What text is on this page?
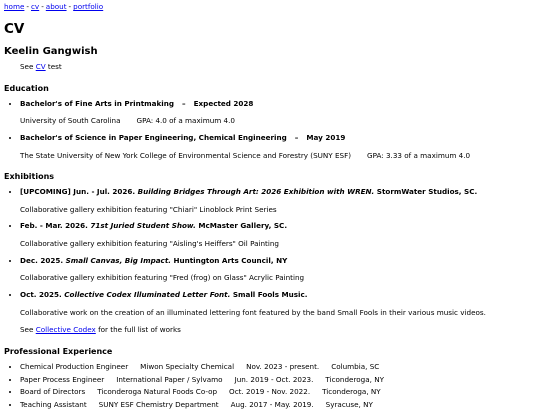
home - cv - about - portfolio
CV
Keelin Gangwish
See CV test
Education
• Bachelor's of Fine Arts in Printmaking – Expected 2028
University of South Carolina GPA: 4.0 of a maximum 4.0
• Bachelor's of Science in Paper Engineering, Chemical Engineering – May 2019
The State University of New York College of Environmental Science and Forestry (SUNY ESF) GPA: 3.33 of a maximum 4.0
Exhibitions
• [UPCOMING] Jun. - Jul. 2026. Building Bridges Through Art: 2026 Exhibition with WREN. StormWater Studios, SC.
Collaborative gallery exhibition featuring "Chiari" Linoblock Print Series
• Feb. - Mar. 2026. 71st Juried Student Show. McMaster Gallery, SC.
Collaborative gallery exhibition featuring "Aisling's Heiffers" Oil Painting
• Dec. 2025. Small Canvas, Big Impact. Huntington Arts Council, NY
Collaborative gallery exhibition featuring "Fred (frog) on Glass" Acrylic Painting
• Oct. 2025. Collective Codex Illuminated Letter Font. Small Fools Music.
Collaborative work on the creation of an illuminated lettering font featured by the band Small Fools in their various music videos.
See Collective Codex for the full list of works
Professional Experience
• Chemical Production Engineer Miwon Specialty Chemical Nov. 2023 - present. Columbia, SC
• Paper Process Engineer International Paper / Sylvamo Jun. 2019 - Oct. 2023. Ticonderoga, NY
• Board of Directors Ticonderoga Natural Foods Co-op Oct. 2019 - Nov. 2022. Ticonderoga, NY
• Teaching Assistant SUNY ESF Chemistry Department Aug. 2017 - May. 2019. Syracuse, NY
